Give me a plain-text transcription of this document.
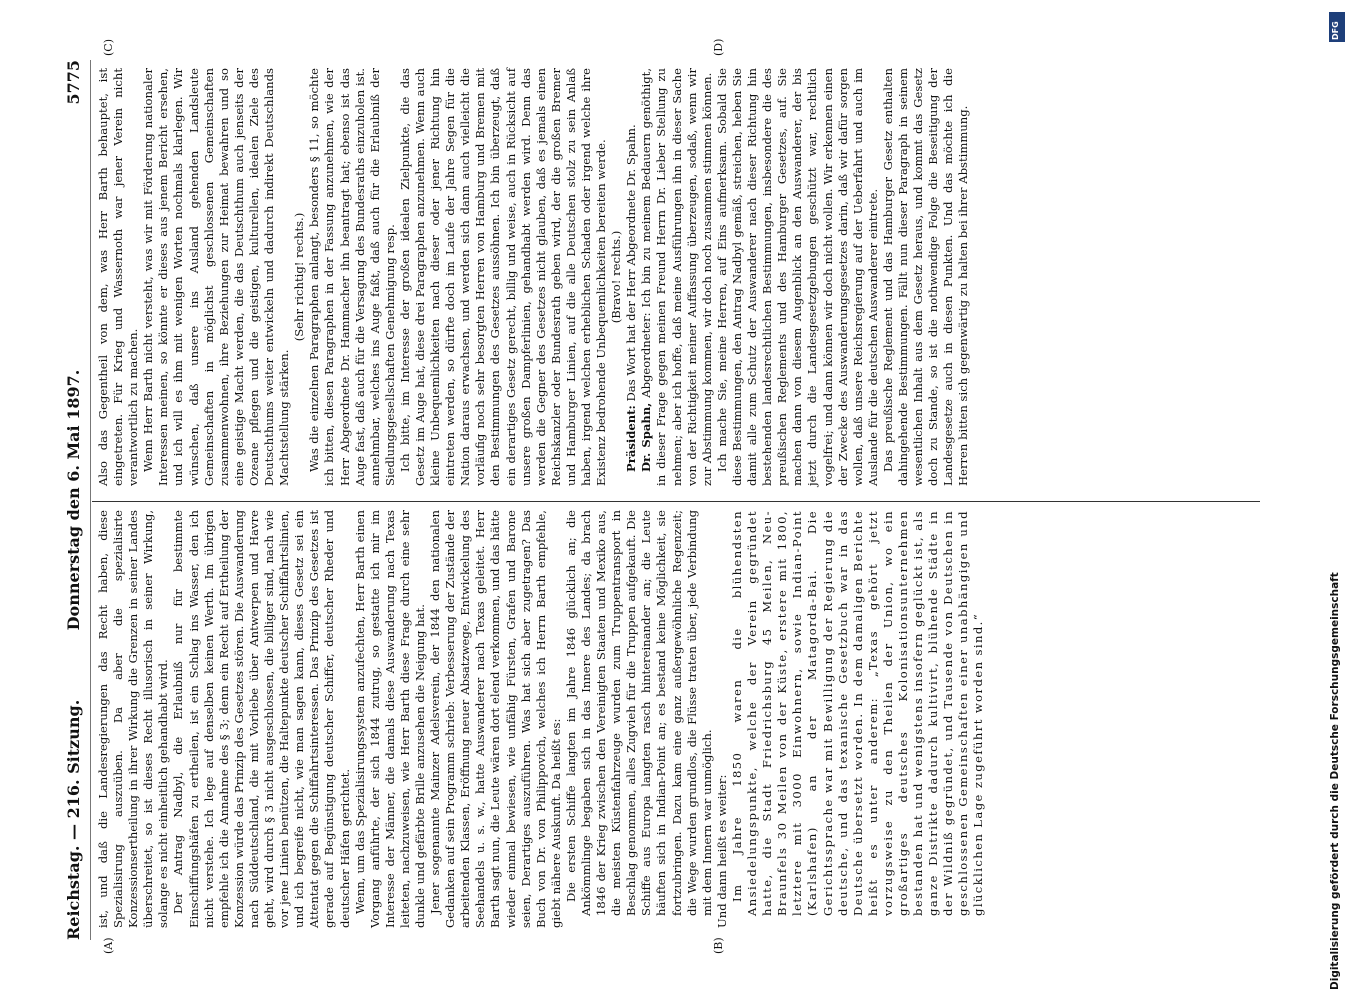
Reichstag. — 216. Sitzung.
Donnerstag den 6. Mai 1897.
5775
(A)	(B)
(C)	(D)

ist, und daß die Landesregierungen das Recht haben, diese Spezialisirung auszuüben. Da aber die spezialisirte Konzessionsertheilung in ihrer Wirkung die Grenzen in seiner Landes überschreitet, so ist dieses Recht illusorisch in seiner Wirkung, solange es nicht einheitlich gehandhabt wird. Der Antrag Nadbyl, die Erlaubniß nur für bestimmte Einschiffungshäfen zu ertheilen, ist ein Schlag ins Wasser, den ich nicht verstehe. Ich lege auf denselben keinen Werth. Im übrigen empfehle ich die Annahme des § 3; denn ein Recht auf Ertheilung der Konzession würde das Prinzip des Gesetzes stören. Die Auswanderung nach Süddeutschland, die mit Vorliebe über Antwerpen und Havre geht, wird durch § 3 nicht ausgeschlossen, die billiger sind, nach wie vor jene Linien benützen, die Haltepunkte deutscher Schiffahrtslinien, und ich begreife nicht, wie man sagen kann, dieses Gesetz sei ein Attentat gegen die Schiffahrtsinteressen. Das Prinzip des Gesetzes ist gerade auf Begünstigung deutscher Schiffer, deutscher Rheder und deutscher Häfen gerichtet. Wenn, um das Spezialisirungssystem anzufechten, Herr Barth einen Vorgang anführte, der sich 1844 zutrug, so gestatte ich mir im Interesse der Männer, die damals diese Auswanderung nach Texas leiteten, nachzuweisen, wie Herr Barth diese Frage durch eine sehr dunkle und gefärbte Brille anzusehen die Neigung hat. Jener sogenannte Mainzer Adelsverein, der 1844 den nationalen Gedanken auf sein Programm schrieb: Verbesserung der Zustände der arbeitenden Klassen, Eröffnung neuer Absatzwege, Entwickelung des Seehandels u. s. w., hatte Auswanderer nach Texas geleitet. Herr Barth sagt nun, die Leute wären dort elend verkommen, und das hätte wieder einmal bewiesen, wie unfähig Fürsten, Grafen und Barone seien, Derartiges auszuführen. Was hat sich aber zugetragen? Das Buch von Dr. von Philippovich, welches ich Herrn Barth empfehle, giebt nähere Auskunft. Da heißt es: Die ersten Schiffe langten im Jahre 1846 glücklich an; die Ankömmlinge begaben sich in das Innere des Landes; da brach 1846 der Krieg zwischen den Vereinigten Staaten und Mexiko aus, die meisten Küstenfahrzeuge wurden zum Truppentransport in Beschlag genommen, alles Zugvieh für die Truppen aufgekauft. Die Schiffe aus Europa langten rasch hintereinander an; die Leute häuften sich in Indian-Point an; es bestand keine Möglichkeit, sie fortzubringen. Dazu kam eine ganz außergewöhnliche Regenzeit; die Wege wurden grundlos, die Flüsse traten über, jede Verbindung mit dem Innern war unmöglich. Und dann heißt es weiter: Im Jahre 1850 waren die blühendsten Ansiedelungspunkte, welche der Verein gegründet hatte, die Stadt Friedrichsburg 45 Meilen, Neu-Braunfels 30 Meilen von der Küste, erstere mit 1800, letztere mit 3000 Einwohnern, sowie Indian-Point (Karlshafen) an der Matagorda-Bai. Die Gerichtssprache war mit Bewilligung der Regierung die deutsche, und das texanische Gesetzbuch war in das Deutsche übersetzt worden. In dem damaligen Berichte heißt es unter anderem: „Texas gehört jetzt vorzugsweise zu den Theilen der Union, wo ein großartiges deutsches Kolonisationsunternehmen bestanden hat und wenigstens insofern geglückt ist, als ganze Distrikte dadurch kultivirt, blühende Städte in der Wildniß gegründet, und Tausende von Deutschen in geschlossenen Gemeinschaften einer unabhängigen und glücklichen Lage zugeführt worden sind.“

Also das Gegentheil von dem, was Herr Barth behauptet, ist eingetreten. Für Krieg und Wassernoth war jener Verein nicht verantwortlich zu machen. Wenn Herr Barth nicht versteht, was wir mit Förderung nationaler Interessen meinen, so könnte er dieses aus jenem Bericht ersehen, und ich will es ihm mit wenigen Worten nochmals klarlegen. Wir wünschen, daß unsere ins Ausland gehenden Landsleute Gemeinschaften in möglichst geschlossenen Gemeinschaften zusammenwohnen, ihre Beziehungen zur Heimat bewahren und so eine geistige Macht werden, die das Deutschthum auch jenseits der Ozeane pflegen und die geistigen, kulturellen, idealen Ziele des Deutschthums weiter entwickeln und dadurch indirekt Deutschlands Machtstellung stärken.

(Sehr richtig! rechts.) Was die einzelnen Paragraphen anlangt, besonders § 11, so möchte ich bitten, diesen Paragraphen in der Fassung anzunehmen, wie der Herr Abgeordnete Dr. Hammacher ihn beantragt hat; ebenso ist das Auge fast, daß auch für die Versagung des Bundesraths einzuholen ist. annehmbar, welches ins Auge faßt, daß auch für die Erlaubniß der Siedlungsgesellschaften Genehmigung resp. Ich bitte, im Interesse der großen idealen Zielpunkte, die das Gesetz im Auge hat, diese drei Paragraphen anzunehmen. Wenn auch kleine Unbequemlichkeiten nach dieser oder jener Richtung hin eintreten werden, so dürfte doch im Laufe der Jahre Segen für die Nation daraus erwachsen, und werden sich dann auch vielleicht die vorläufig noch sehr besorgten Herren von Hamburg und Bremen mit den Bestimmungen des Gesetzes aussöhnen. Ich bin überzeugt, daß ein derartiges Gesetz gerecht, billig und weise, auch in Rücksicht auf unsere großen Dampferlinien, gehandhabt werden wird. Denn das werden die Gegner des Gesetzes nicht glauben, daß es jemals einen Reichskanzler oder Bundesrath geben wird, der die großen Bremer und Hamburger Linien, auf die alle Deutschen stolz zu sein Anlaß haben, irgend welchen erheblichen Schaden oder irgend welche ihre Existenz bedrohende Unbequemlichkeiten bereiten werde. (Bravo! rechts.)

Präsident: Das Wort hat der Herr Abgeordnete Dr. Spahn.

Dr. Spahn, Abgeordneter: Ich bin zu meinem Bedauern genöthigt, in dieser Frage gegen meinen Freund Herrn Dr. Lieber Stellung zu nehmen; aber ich hoffe, daß meine Ausführungen ihn in dieser Sache von der Richtigkeit meiner Auffassung überzeugen, sodaß, wenn wir zur Abstimmung kommen, wir doch noch zusammen stimmen können. Ich mache Sie, meine Herren, auf Eins aufmerksam. Sobald Sie diese Bestimmungen, den Antrag Nadbyl gemäß, streichen, heben Sie damit alle zum Schutz der Auswanderer nach dieser Richtung hin bestehenden landesrechtlichen Bestimmungen, insbesondere die des preußischen Reglements und des Hamburger Gesetzes, auf. Sie machen dann von diesem Augenblick an den Auswanderer, der bis jetzt durch die Landesgesetzgebungen geschützt war, rechtlich vogelfrei; und dann können wir doch nicht wollen. Wir erkennen einen der Zwecke des Auswanderungsgesetzes darin, daß wir dafür sorgen wollen, daß unsere Reichsregierung auf der Ueberfahrt und auch im Auslande für die deutschen Auswanderer eintrete. Das preußische Reglement und das Hamburger Gesetz enthalten dahingehende Bestimmungen. Fällt nun dieser Paragraph in seinem wesentlichen Inhalt aus dem Gesetz heraus, und kommt das Gesetz doch zu Stande, so ist die nothwendige Folge die Beseitigung der Landesgesetze auch in diesen Punkten. Und das möchte ich die Herren bitten sich gegenwärtig zu halten bei ihrer Abstimmung.

Digitalisierung gefördert durch die Deutsche Forschungsgemeinschaft
DFG
